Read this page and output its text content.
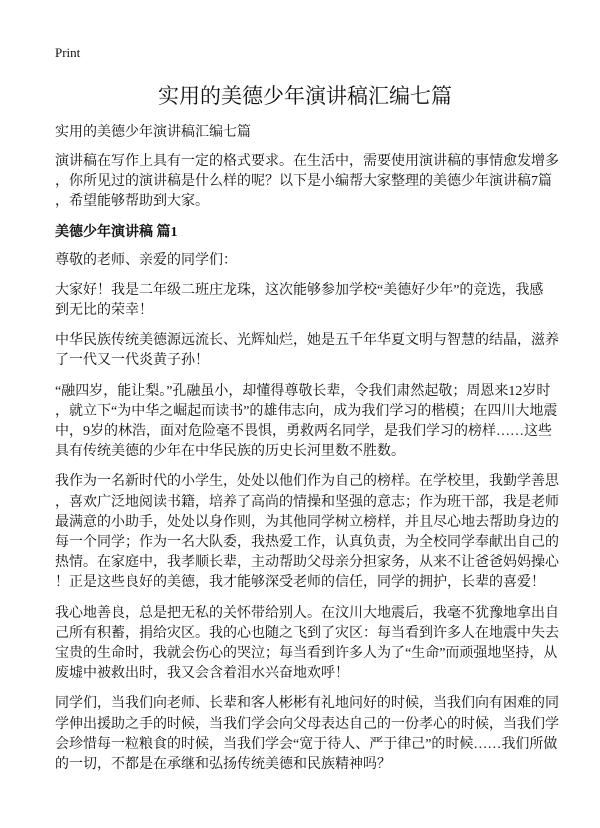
Print
实用的美德少年演讲稿汇编七篇
实用的美德少年演讲稿汇编七篇
演讲稿在写作上具有一定的格式要求。在生活中，需要使用演讲稿的事情愈发增多
，你所见过的演讲稿是什么样的呢？以下是小编帮大家整理的美德少年演讲稿7篇
，希望能够帮助到大家。
美德少年演讲稿 篇1
尊敬的老师、亲爱的同学们：
大家好！我是二年级二班庄龙珠，这次能够参加学校“美德好少年”的竞选，我感
到无比的荣幸！
中华民族传统美德源远流长、光辉灿烂，她是五千年华夏文明与智慧的结晶，滋养
了一代又一代炎黄子孙！
“融四岁，能让梨。”孔融虽小，却懂得尊敬长辈，令我们肃然起敬；周恩来12岁时
，就立下“为中华之崛起而读书”的雄伟志向，成为我们学习的楷模；在四川大地震
中，9岁的林浩，面对危险毫不畏惧，勇救两名同学，是我们学习的榜样……这些
具有传统美德的少年在中华民族的历史长河里数不胜数。
我作为一名新时代的小学生，处处以他们作为自己的榜样。在学校里，我勤学善思
，喜欢广泛地阅读书籍，培养了高尚的情操和坚强的意志；作为班干部，我是老师
最满意的小助手，处处以身作则，为其他同学树立榜样，并且尽心地去帮助身边的
每一个同学；作为一名大队委，我热爱工作，认真负责，为全校同学奉献出自己的
热情。在家庭中，我孝顺长辈，主动帮助父母亲分担家务，从来不让爸爸妈妈操心
！正是这些良好的美德，我才能够深受老师的信任，同学的拥护，长辈的喜爱！
我心地善良，总是把无私的关怀带给别人。在汶川大地震后，我毫不犹豫地拿出自
己所有积蓄，捐给灾区。我的心也随之飞到了灾区：每当看到许多人在地震中失去
宝贵的生命时，我就会伤心的哭泣；每当看到许多人为了“生命”而顽强地坚持，从
废墟中被救出时，我又会含着泪水兴奋地欢呼！
同学们，当我们向老师、长辈和客人彬彬有礼地问好的时候，当我们向有困难的同
学伸出援助之手的时候，当我们学会向父母表达自己的一份孝心的时候，当我们学
会珍惜每一粒粮食的时候，当我们学会“宽于待人、严于律己”的时候……我们所做
的一切，不都是在承继和弘扬传统美德和民族精神吗？
